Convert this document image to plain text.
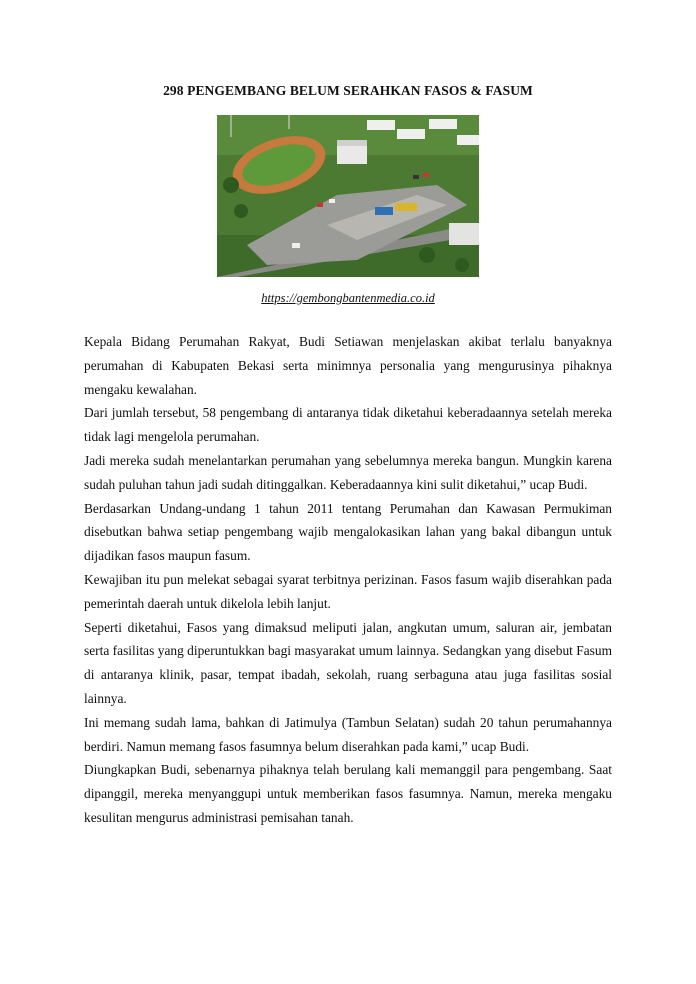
298 PENGEMBANG BELUM SERAHKAN FASOS & FASUM
https://gembongbantenmedia.co.id

Kepala Bidang Perumahan Rakyat, Budi Setiawan menjelaskan akibat terlalu banyaknya perumahan di Kabupaten Bekasi serta minimnya personalia yang mengurusinya pihaknya mengaku kewalahan.

Dari jumlah tersebut, 58 pengembang di antaranya tidak diketahui keberadaannya setelah mereka tidak lagi mengelola perumahan.

Jadi mereka sudah menelantarkan perumahan yang sebelumnya mereka bangun. Mungkin karena sudah puluhan tahun jadi sudah ditinggalkan. Keberadaannya kini sulit diketahui,” ucap Budi.

Berdasarkan Undang-undang 1 tahun 2011 tentang Perumahan dan Kawasan Permukiman disebutkan bahwa setiap pengembang wajib mengalokasikan lahan yang bakal dibangun untuk dijadikan fasos maupun fasum.

Kewajiban itu pun melekat sebagai syarat terbitnya perizinan. Fasos fasum wajib diserahkan pada pemerintah daerah untuk dikelola lebih lanjut.

Seperti diketahui, Fasos yang dimaksud meliputi jalan, angkutan umum, saluran air, jembatan serta fasilitas yang diperuntukkan bagi masyarakat umum lainnya. Sedangkan yang disebut Fasum di antaranya klinik, pasar, tempat ibadah, sekolah, ruang serbaguna atau juga fasilitas sosial lainnya.

Ini memang sudah lama, bahkan di Jatimulya (Tambun Selatan) sudah 20 tahun perumahannya berdiri. Namun memang fasos fasumnya belum diserahkan pada kami,” ucap Budi.

Diungkapkan Budi, sebenarnya pihaknya telah berulang kali memanggil para pengembang. Saat dipanggil, mereka menyanggupi untuk memberikan fasos fasumnya. Namun, mereka mengaku kesulitan mengurus administrasi pemisahan tanah.
